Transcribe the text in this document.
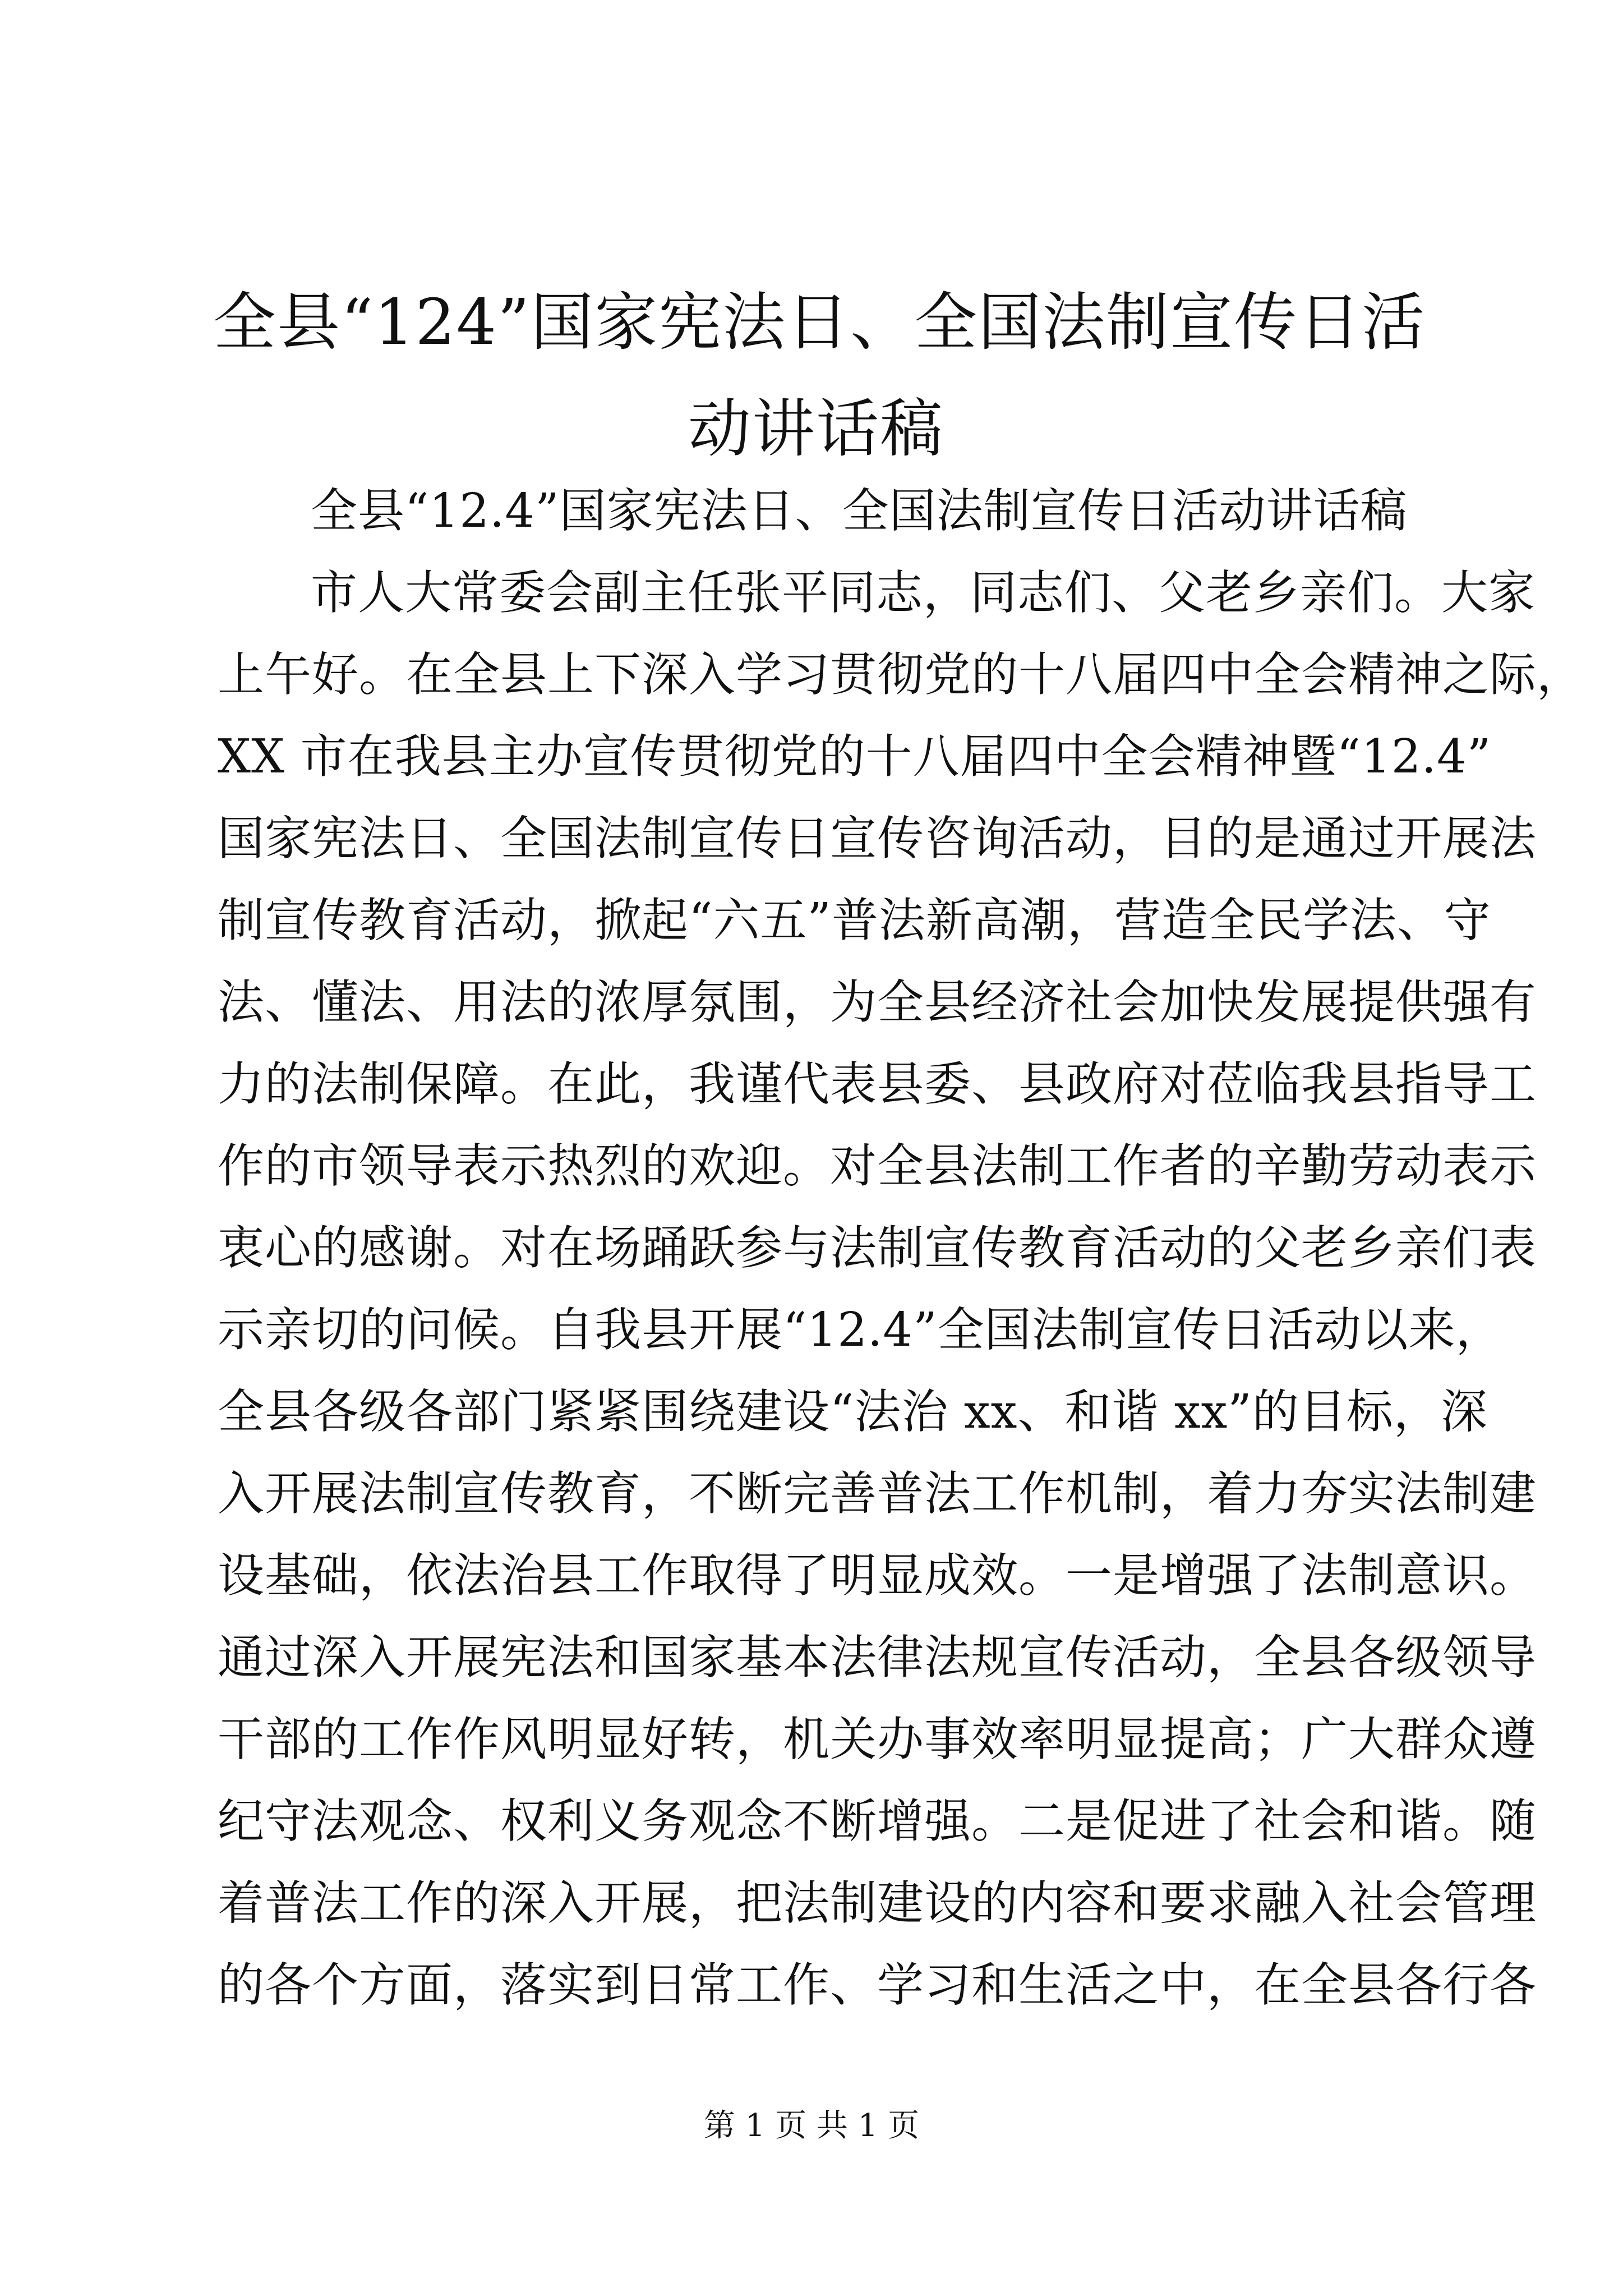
全县“124”国家宪法日、全国法制宣传日活
动讲话稿
全县“12.4”国家宪法日、全国法制宣传日活动讲话稿
市人大常委会副主任张平同志，同志们、父老乡亲们。大家
上午好。在全县上下深入学习贯彻党的十八届四中全会精神之际，
XX 市在我县主办宣传贯彻党的十八届四中全会精神暨“12.4”
国家宪法日、全国法制宣传日宣传咨询活动，目的是通过开展法
制宣传教育活动，掀起“六五”普法新高潮，营造全民学法、守
法、懂法、用法的浓厚氛围，为全县经济社会加快发展提供强有
力的法制保障。在此，我谨代表县委、县政府对莅临我县指导工
作的市领导表示热烈的欢迎。对全县法制工作者的辛勤劳动表示
衷心的感谢。对在场踊跃参与法制宣传教育活动的父老乡亲们表
示亲切的问候。自我县开展“12.4”全国法制宣传日活动以来，
全县各级各部门紧紧围绕建设“法治 xx、和谐 xx”的目标，深
入开展法制宣传教育，不断完善普法工作机制，着力夯实法制建
设基础，依法治县工作取得了明显成效。一是增强了法制意识。
通过深入开展宪法和国家基本法律法规宣传活动，全县各级领导
干部的工作作风明显好转，机关办事效率明显提高；广大群众遵
纪守法观念、权利义务观念不断增强。二是促进了社会和谐。随
着普法工作的深入开展，把法制建设的内容和要求融入社会管理
的各个方面，落实到日常工作、学习和生活之中，在全县各行各
第 1 页 共 1 页
